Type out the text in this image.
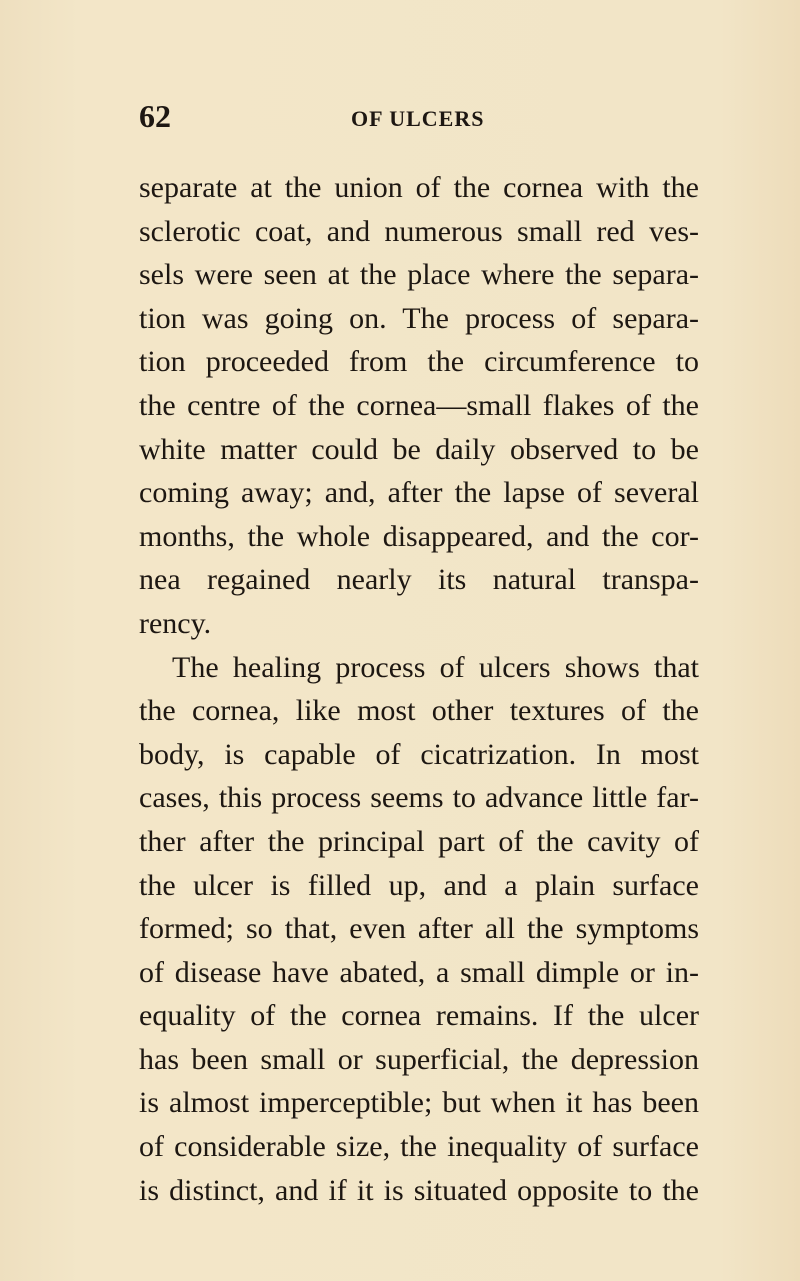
62	OF ULCERS
separate at the union of the cornea with the
sclerotic coat, and numerous small red ves-
sels were seen at the place where the separa-
tion was going on. The process of separa-
tion proceeded from the circumference to
the centre of the cornea—small flakes of the
white matter could be daily observed to be
coming away; and, after the lapse of several
months, the whole disappeared, and the cor-
nea regained nearly its natural transpa-
rency.
The healing process of ulcers shows that
the cornea, like most other textures of the
body, is capable of cicatrization. In most
cases, this process seems to advance little far-
ther after the principal part of the cavity of
the ulcer is filled up, and a plain surface
formed; so that, even after all the symptoms
of disease have abated, a small dimple or in-
equality of the cornea remains. If the ulcer
has been small or superficial, the depression
is almost imperceptible; but when it has been
of considerable size, the inequality of surface
is distinct, and if it is situated opposite to the
